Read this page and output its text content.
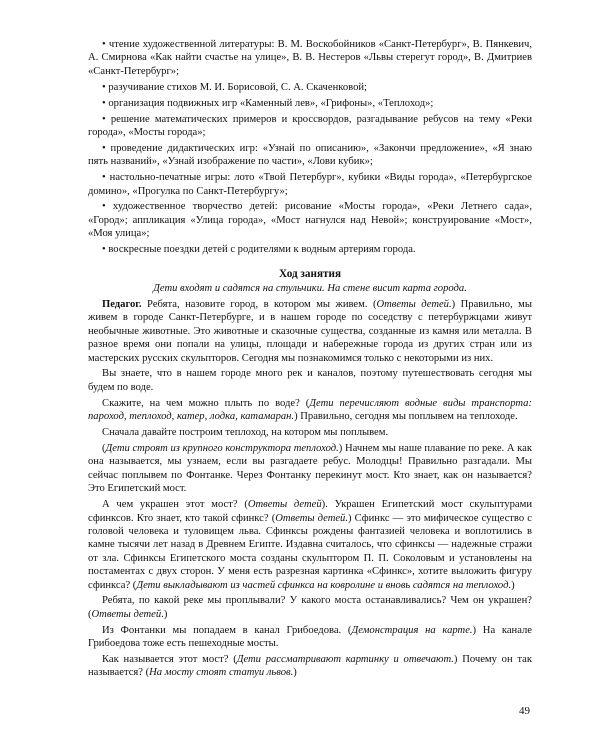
• чтение художественной литературы: В. М. Воскобойников «Санкт-Петербург», В. Пянкевич, А. Смирнова «Как найти счастье на улице», В. В. Нестеров «Львы стерегут город», В. Дмитриев «Санкт-Петербург»;
• разучивание стихов М. И. Борисовой, С. А. Скаченковой;
• организация подвижных игр «Каменный лев», «Грифоны», «Теплоход»;
• решение математических примеров и кроссвордов, разгадывание ребусов на тему «Реки города», «Мосты города»;
• проведение дидактических игр: «Узнай по описанию», «Закончи предложение», «Я знаю пять названий», «Узнай изображение по части», «Лови кубик»;
• настольно-печатные игры: лото «Твой Петербург», кубики «Виды города», «Петербургское домино», «Прогулка по Санкт-Петербургу»;
• художественное творчество детей: рисование «Мосты города», «Реки Летнего сада», «Город»; аппликация «Улица города», «Мост нагнулся над Невой»; конструирование «Мост», «Моя улица»;
• воскресные поездки детей с родителями к водным артериям города.
Ход занятия
Дети входят и садятся на стульчики. На стене висит карта города.
Педагог. Ребята, назовите город, в котором мы живем. (Ответы детей.) Правильно, мы живем в городе Санкт-Петербурге, и в нашем городе по соседству с петербуржцами живут необычные животные. Это животные и сказочные существа, созданные из камня или металла. В разное время они попали на улицы, площади и набережные города из других стран или из мастерских русских скульпторов. Сегодня мы познакомимся только с некоторыми из них.
Вы знаете, что в нашем городе много рек и каналов, поэтому путешествовать сегодня мы будем по воде.
Скажите, на чем можно плыть по воде? (Дети перечисляют водные виды транспорта: пароход, теплоход, катер, лодка, катамаран.) Правильно, сегодня мы поплывем на теплоходе.
Сначала давайте построим теплоход, на котором мы поплывем.
(Дети строят из крупного конструктора теплоход.) Начнем мы наше плавание по реке. А как она называется, мы узнаем, если вы разгадаете ребус. Молодцы! Правильно разгадали. Мы сейчас поплывем по Фонтанке. Через Фонтанку перекинут мост. Кто знает, как он называется? Это Египетский мост.
А чем украшен этот мост? (Ответы детей). Украшен Египетский мост скульптурами сфинксов. Кто знает, кто такой сфинкс? (Ответы детей.) Сфинкс — это мифическое существо с головой человека и туловищем льва. Сфинксы рождены фантазией человека и воплотились в камне тысячи лет назад в Древнем Египте. Издавна считалось, что сфинксы — надежные стражи от зла. Сфинксы Египетского моста созданы скульптором П. П. Соколовым и установлены на постаментах с двух сторон. У меня есть разрезная картинка «Сфинкс», хотите выложить фигуру сфинкса? (Дети выкладывают из частей сфинкса на ковролине и вновь садятся на теплоход.)
Ребята, по какой реке мы проплывали? У какого моста останавливались? Чем он украшен? (Ответы детей.)
Из Фонтанки мы попадаем в канал Грибоедова. (Демонстрация на карте.) На канале Грибоедова тоже есть пешеходные мосты.
Как называется этот мост? (Дети рассматривают картинку и отвечают.) Почему он так называется? (На мосту стоят статуи львов.)
49
